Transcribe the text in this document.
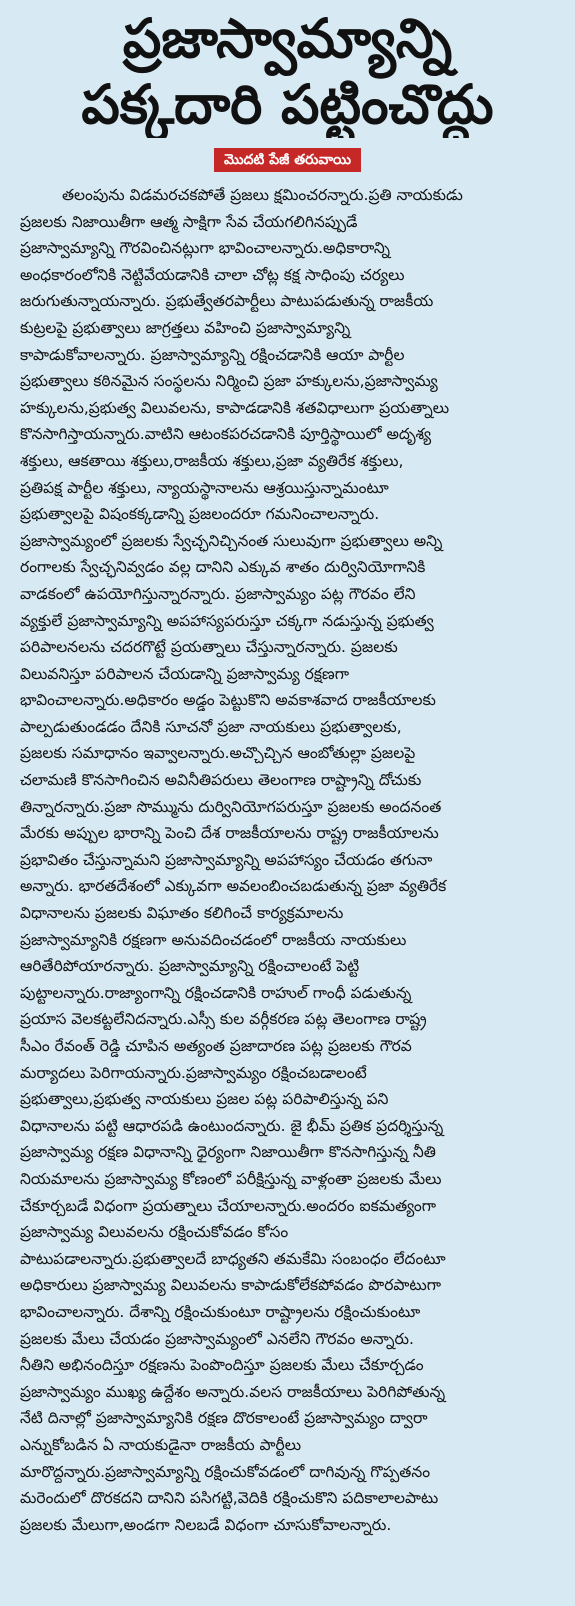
ప్రజాస్వామ్యాన్ని
పక్కదారి పట్టించొద్దు
మొదటి పేజీ తరువాయి
తలంపును విడమరచకపోతే ప్రజలు క్షమించరన్నారు.ప్రతి నాయకుడు
ప్రజలకు నిజాయితీగా ఆత్మ సాక్షిగా సేవ చేయగలిగినప్పుడే
ప్రజాస్వామ్యాన్ని గౌరవించినట్లుగా భావించాలన్నారు.అధికారాన్ని
అంధకారంలోనికి నెట్టివేయడానికి చాలా చోట్ల కక్ష సాధింపు చర్యలు
జరుగుతున్నాయన్నారు. ప్రభుత్వేతరపార్టీలు పాటుపడుతున్న రాజకీయ
కుట్రలపై ప్రభుత్వాలు జాగ్రత్తలు వహించి ప్రజాస్వామ్యాన్ని
కాపాడుకోవాలన్నారు. ప్రజాస్వామ్యాన్ని రక్షించడానికి ఆయా పార్టీల
ప్రభుత్వాలు కఠినమైన సంస్థలను నిర్మించి ప్రజా హక్కులను,ప్రజాస్వామ్య
హక్కులను,ప్రభుత్వ విలువలను, కాపాడడానికి శతవిధాలుగా ప్రయత్నాలు
కొనసాగిస్తాయన్నారు.వాటిని ఆటంకపరచడానికి పూర్తిస్థాయిలో అదృశ్య
శక్తులు, ఆకతాయి శక్తులు,రాజకీయ శక్తులు,ప్రజా వ్యతిరేక శక్తులు,
ప్రతిపక్ష పార్టీల శక్తులు, న్యాయస్థానాలను ఆశ్రయిస్తున్నామంటూ
ప్రభుత్వాలపై విషంకక్కడాన్ని ప్రజలందరూ గమనించాలన్నారు.
ప్రజాస్వామ్యంలో ప్రజలకు స్వేచ్ఛనిచ్చినంత సులువుగా ప్రభుత్వాలు అన్ని
రంగాలకు స్వేచ్ఛనివ్వడం వల్ల దానిని ఎక్కువ శాతం దుర్వినియోగానికి
వాడకంలో ఉపయోగిస్తున్నారన్నారు. ప్రజాస్వామ్యం పట్ల గౌరవం లేని
వ్యక్తులే ప్రజాస్వామ్యాన్ని అపహాస్యపరుస్తూ చక్కగా నడుస్తున్న ప్రభుత్వ
పరిపాలనలను చదరగొట్టే ప్రయత్నాలు చేస్తున్నారన్నారు. ప్రజలకు
విలువనిస్తూ పరిపాలన చేయడాన్ని ప్రజాస్వామ్య రక్షణగా
భావించాలన్నారు.అధికారం అడ్డం పెట్టుకొని అవకాశవాద రాజకీయాలకు
పాల్పడుతుండడం దేనికి సూచనో ప్రజా నాయకులు ప్రభుత్వాలకు,
ప్రజలకు సమాధానం ఇవ్వాలన్నారు.అచ్చొచ్చిన ఆంబోతుల్లా ప్రజలపై
చలామణి కొనసాగించిన అవినీతిపరులు తెలంగాణ రాష్ట్రాన్ని దోచుకు
తిన్నారన్నారు.ప్రజా సొమ్మును దుర్వినియోగపరుస్తూ ప్రజలకు అందనంత
మేరకు అప్పుల భారాన్ని పెంచి దేశ రాజకీయాలను రాష్ట్ర రాజకీయాలను
ప్రభావితం చేస్తున్నామని ప్రజాస్వామ్యాన్ని అపహాస్యం చేయడం తగునా
అన్నారు. భారతదేశంలో ఎక్కువగా అవలంబించబడుతున్న ప్రజా వ్యతిరేక
విధానాలను ప్రజలకు విఘాతం కలిగించే కార్యక్రమాలను
ప్రజాస్వామ్యానికి రక్షణగా అనువదించడంలో రాజకీయ నాయకులు
ఆరితేరిపోయారన్నారు. ప్రజాస్వామ్యాన్ని రక్షించాలంటే పెట్టి
పుట్టాలన్నారు.రాజ్యాంగాన్ని రక్షించడానికి రాహుల్ గాంధీ పడుతున్న
ప్రయాస వెలకట్టలేనిదన్నారు.ఎస్సీ కుల వర్గీకరణ పట్ల తెలంగాణ రాష్ట్ర
సీఎం రేవంత్ రెడ్డి చూపిన అత్యంత ప్రజాదారణ పట్ల ప్రజలకు గౌరవ
మర్యాదలు పెరిగాయన్నారు.ప్రజాస్వామ్యం రక్షించబడాలంటే
ప్రభుత్వాలు,ప్రభుత్వ నాయకులు ప్రజల పట్ల పరిపాలిస్తున్న పని
విధానాలను పట్టి ఆధారపడి ఉంటుందన్నారు. జై భీమ్ ప్రతిక ప్రదర్శిస్తున్న
ప్రజాస్వామ్య రక్షణ విధానాన్ని ధైర్యంగా నిజాయితీగా కొనసాగిస్తున్న నీతి
నియమాలను ప్రజాస్వామ్య కోణంలో పరీక్షిస్తున్న వాళ్లంతా ప్రజలకు మేలు
చేకూర్చబడే విధంగా ప్రయత్నాలు చేయాలన్నారు.అందరం ఐకమత్యంగా
ప్రజాస్వామ్య విలువలను రక్షించుకోవడం కోసం
పాటుపడాలన్నారు.ప్రభుత్వాలదే బాధ్యతని తమకేమి సంబంధం లేదంటూ
అధికారులు ప్రజాస్వామ్య విలువలను కాపాడుకోలేకపోవడం పొరపాటుగా
భావించాలన్నారు. దేశాన్ని రక్షించుకుంటూ రాష్ట్రాలను రక్షించుకుంటూ
ప్రజలకు మేలు చేయడం ప్రజాస్వామ్యంలో ఎనలేని గౌరవం అన్నారు.
నీతిని అభినందిస్తూ రక్షణను పెంపొందిస్తూ ప్రజలకు మేలు చేకూర్చడం
ప్రజాస్వామ్యం ముఖ్య ఉద్దేశం అన్నారు.వలస రాజకీయాలు పెరిగిపోతున్న
నేటి దినాల్లో ప్రజాస్వామ్యానికి రక్షణ దొరకాలంటే ప్రజాస్వామ్యం ద్వారా
ఎన్నుకోబడిన ఏ నాయకుడైనా రాజకీయ పార్టీలు
మారొద్దన్నారు.ప్రజాస్వామ్యాన్ని రక్షించుకోవడంలో దాగివున్న గొప్పతనం
మరెందులో దొరకదని దానిని పసిగట్టి,వెదికి రక్షించుకొని పదికాలాలపాటు
ప్రజలకు మేలుగా,అండగా నిలబడే విధంగా చూసుకోవాలన్నారు.
